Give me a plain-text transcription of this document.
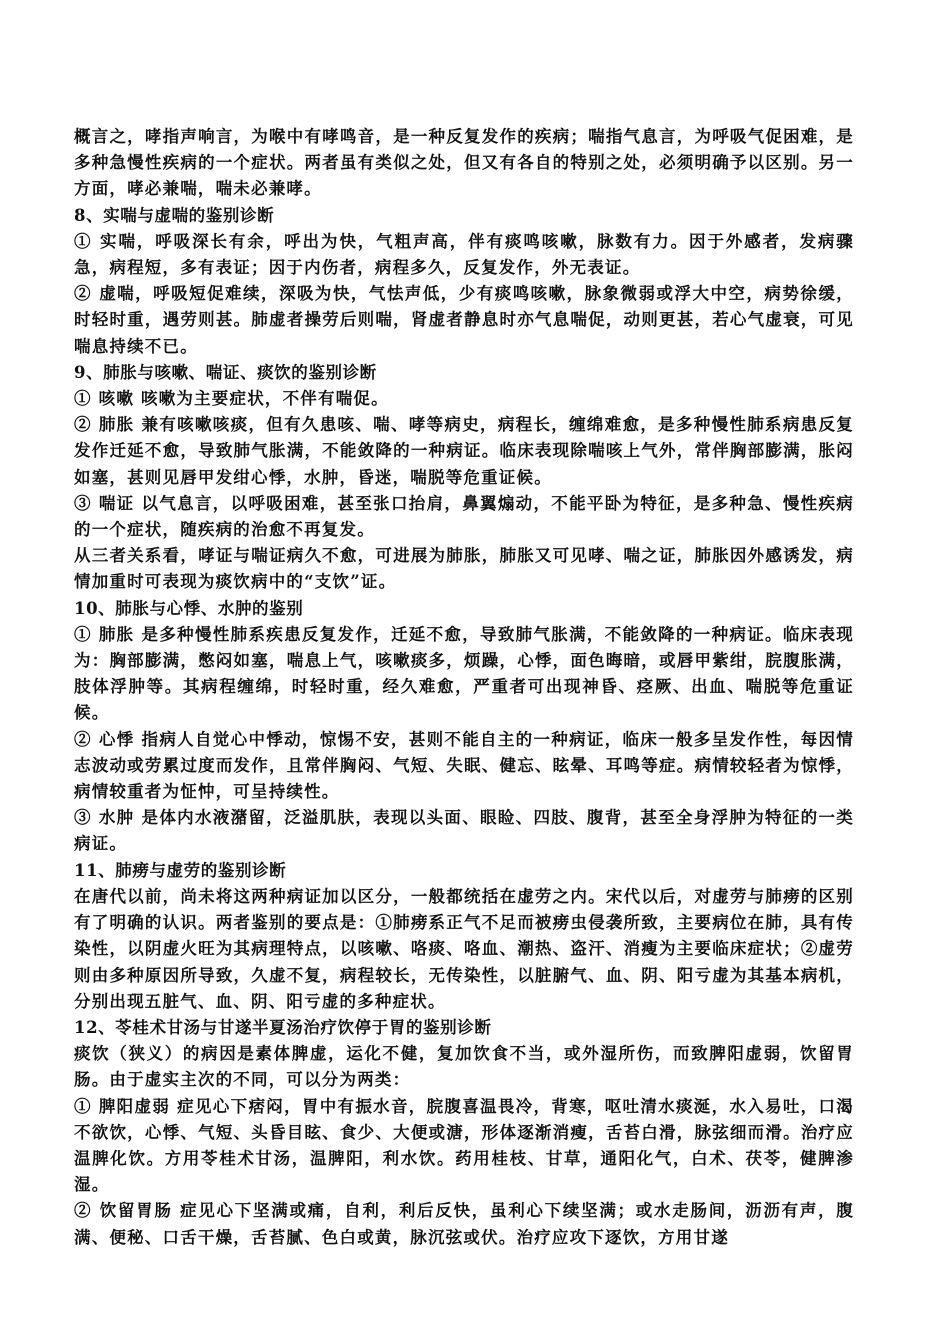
概言之，哮指声响言，为喉中有哮鸣音，是一种反复发作的疾病；喘指气息言，为呼吸气促困难，是多种急慢性疾病的一个症状。两者虽有类似之处，但又有各自的特别之处，必须明确予以区别。另一方面，哮必兼喘，喘未必兼哮。

8、实喘与虚喘的鉴别诊断

① 实喘，呼吸深长有余，呼出为快，气粗声高，伴有痰鸣咳嗽，脉数有力。因于外感者，发病骤急，病程短，多有表证；因于内伤者，病程多久，反复发作，外无表证。

② 虚喘，呼吸短促难续，深吸为快，气怯声低，少有痰鸣咳嗽，脉象微弱或浮大中空，病势徐缓，时轻时重，遇劳则甚。肺虚者操劳后则喘，肾虚者静息时亦气息喘促，动则更甚，若心气虚衰，可见喘息持续不已。

9、肺胀与咳嗽、喘证、痰饮的鉴别诊断

① 咳嗽 咳嗽为主要症状，不伴有喘促。

② 肺胀 兼有咳嗽咳痰，但有久患咳、喘、哮等病史，病程长，缠绵难愈，是多种慢性肺系病患反复发作迁延不愈，导致肺气胀满，不能敛降的一种病证。临床表现除喘咳上气外，常伴胸部膨满，胀闷如塞，甚则见唇甲发绀心悸，水肿，昏迷，喘脱等危重证候。

③ 喘证 以气息言，以呼吸困难，甚至张口抬肩，鼻翼煽动，不能平卧为特征，是多种急、慢性疾病的一个症状，随疾病的治愈不再复发。

从三者关系看，哮证与喘证病久不愈，可进展为肺胀，肺胀又可见哮、喘之证，肺胀因外感诱发，病情加重时可表现为痰饮病中的“支饮”证。

10、肺胀与心悸、水肿的鉴别

① 肺胀 是多种慢性肺系疾患反复发作，迁延不愈，导致肺气胀满，不能敛降的一种病证。临床表现为：胸部膨满，憋闷如塞，喘息上气，咳嗽痰多，烦躁，心悸，面色晦暗，或唇甲紫绀，脘腹胀满，肢体浮肿等。其病程缠绵，时轻时重，经久难愈，严重者可出现神昏、痉厥、出血、喘脱等危重证候。

② 心悸 指病人自觉心中悸动，惊惕不安，甚则不能自主的一种病证，临床一般多呈发作性，每因情志波动或劳累过度而发作，且常伴胸闷、气短、失眠、健忘、眩晕、耳鸣等症。病情较轻者为惊悸，病情较重者为怔忡，可呈持续性。

③ 水肿 是体内水液潴留，泛溢肌肤，表现以头面、眼睑、四肢、腹背，甚至全身浮肿为特征的一类病证。

11、肺痨与虚劳的鉴别诊断

在唐代以前，尚未将这两种病证加以区分，一般都统括在虚劳之内。宋代以后，对虚劳与肺痨的区别有了明确的认识。两者鉴别的要点是：①肺痨系正气不足而被痨虫侵袭所致，主要病位在肺，具有传染性，以阴虚火旺为其病理特点，以咳嗽、咯痰、咯血、潮热、盗汗、消瘦为主要临床症状；②虚劳则由多种原因所导致，久虚不复，病程较长，无传染性，以脏腑气、血、阴、阳亏虚为其基本病机，分别出现五脏气、血、阴、阳亏虚的多种症状。

12、苓桂术甘汤与甘遂半夏汤治疗饮停于胃的鉴别诊断

痰饮（狭义）的病因是素体脾虚，运化不健，复加饮食不当，或外湿所伤，而致脾阳虚弱，饮留胃肠。由于虚实主次的不同，可以分为两类：

① 脾阳虚弱 症见心下痞闷，胃中有振水音，脘腹喜温畏冷，背寒，呕吐清水痰涎，水入易吐，口渴不欲饮，心悸、气短、头昏目眩、食少、大便或溏，形体逐渐消瘦，舌苔白滑，脉弦细而滑。治疗应温脾化饮。方用苓桂术甘汤，温脾阳，利水饮。药用桂枝、甘草，通阳化气，白术、茯苓，健脾渗湿。

② 饮留胃肠 症见心下坚满或痛，自利，利后反快，虽利心下续坚满；或水走肠间，沥沥有声，腹满、便秘、口舌干燥，舌苔腻、色白或黄，脉沉弦或伏。治疗应攻下逐饮，方用甘遂
